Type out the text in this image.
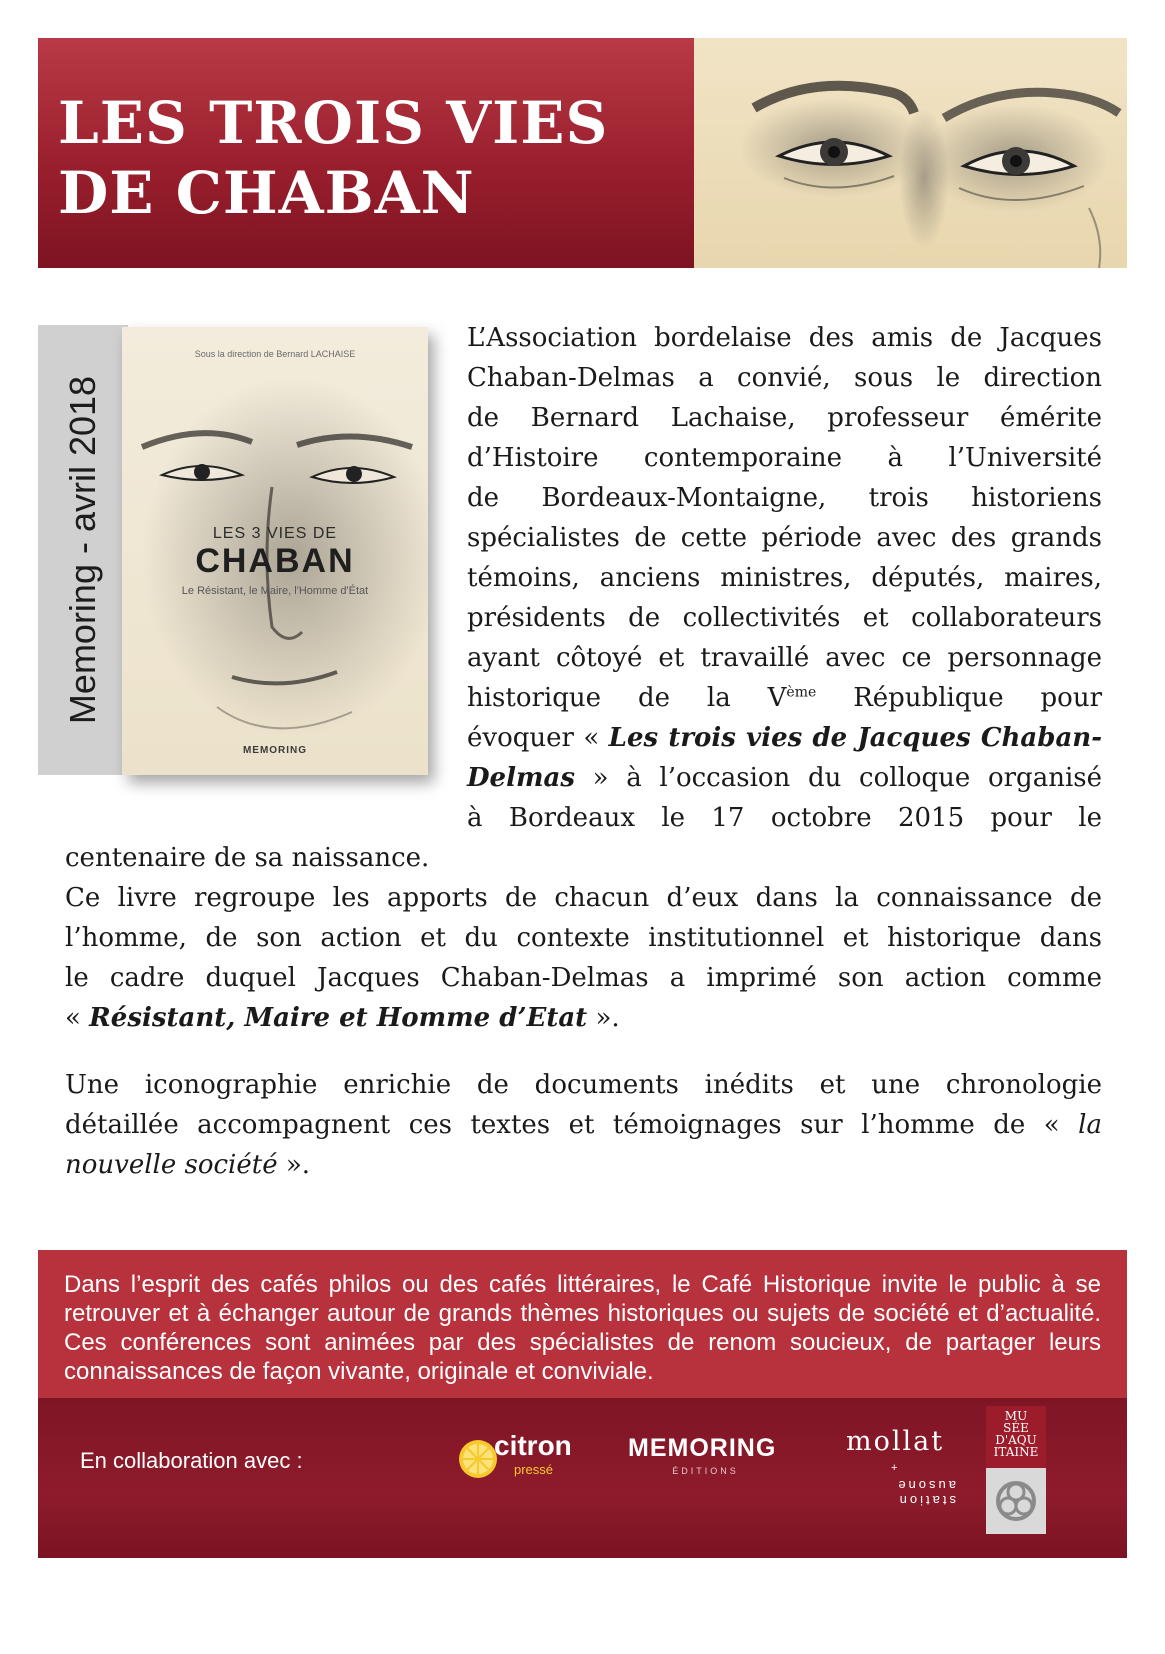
LES TROIS VIES
DE CHABAN
Memoring - avril 2018
Sous la direction de Bernard LACHAISE
LES 3 VIES DE
CHABAN
Le Résistant, le Maire, l'Homme d'État
MEMORING
L’Association bordelaise des amis de Jacques
Chaban-Delmas a convié, sous le direction
de Bernard Lachaise, professeur émérite
d’Histoire contemporaine à l’Université
de Bordeaux-Montaigne, trois historiens
spécialistes de cette période avec des grands
témoins, anciens ministres, députés, maires,
présidents de collectivités et collaborateurs
ayant côtoyé et travaillé avec ce personnage
historique de la Vème République pour
évoquer « Les trois vies de Jacques Chaban-
Delmas » à l’occasion du colloque organisé
à Bordeaux le 17 octobre 2015 pour le
centenaire de sa naissance.
Ce livre regroupe les apports de chacun d’eux dans la connaissance de
l’homme, de son action et du contexte institutionnel et historique dans
le cadre duquel Jacques Chaban-Delmas a imprimé son action comme
« Résistant, Maire et Homme d’Etat ».
Une iconographie enrichie de documents inédits et une chronologie
détaillée accompagnent ces textes et témoignages sur l’homme de « la
nouvelle société ».
Dans l’esprit des cafés philos ou des cafés littéraires, le Café Historique invite le public à se retrouver et à échanger autour de grands thèmes historiques ou sujets de société et d’actualité. Ces conférences sont animées par des spécialistes de renom soucieux, de partager leurs connaissances de façon vivante, originale et conviviale.
En collaboration avec :	citron
pressé
MEMORING
ÉDITIONS
mollat
+
station ausone
MU
SÉE
D'AQU
ITAINE
